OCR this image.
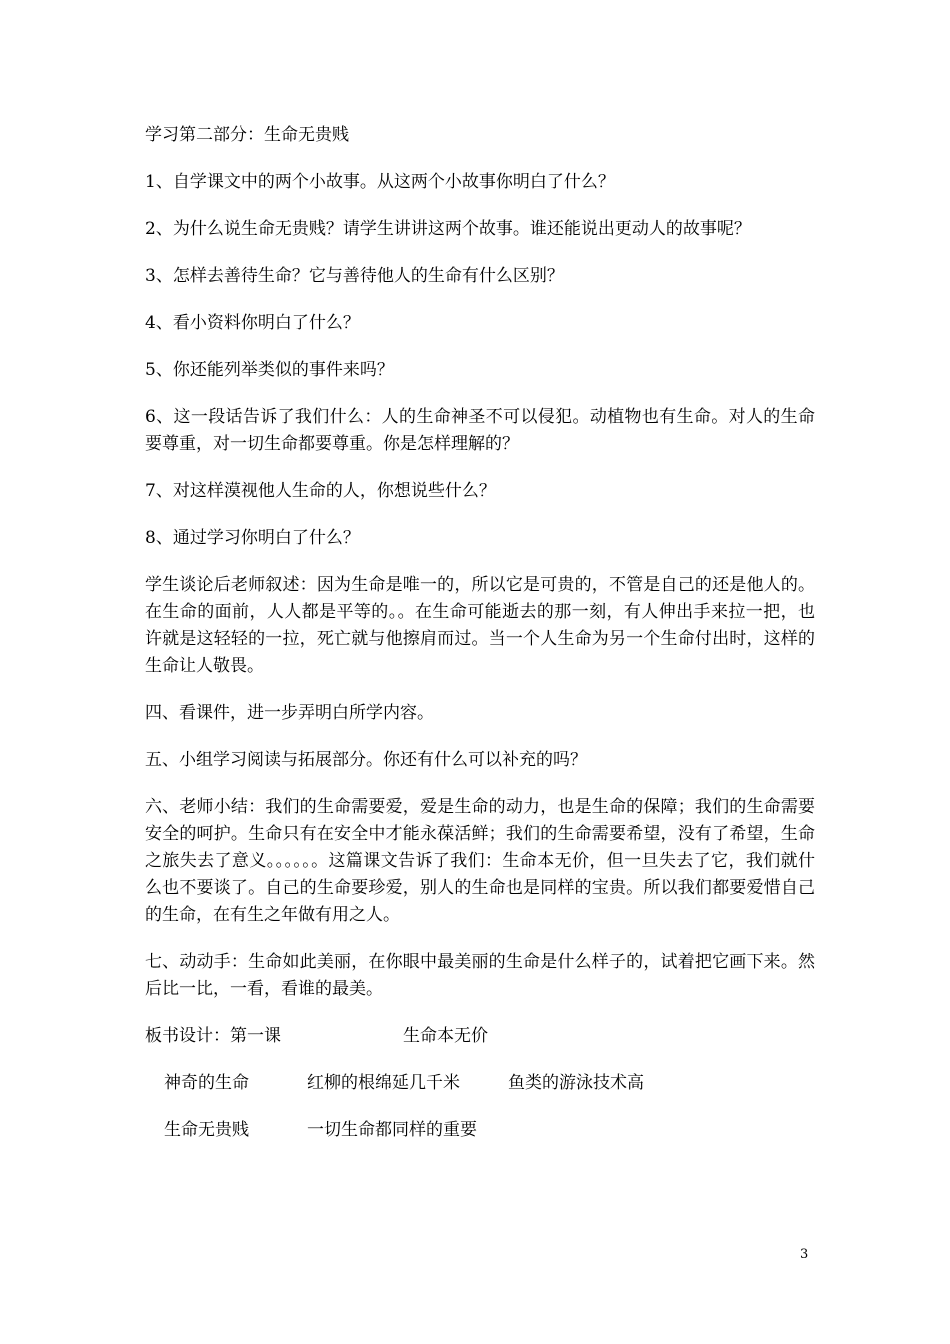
学习第二部分：生命无贵贱

1、自学课文中的两个小故事。从这两个小故事你明白了什么？

2、为什么说生命无贵贱？请学生讲讲这两个故事。谁还能说出更动人的故事呢？

3、怎样去善待生命？它与善待他人的生命有什么区别？

4、看小资料你明白了什么？

5、你还能列举类似的事件来吗？

6、这一段话告诉了我们什么：人的生命神圣不可以侵犯。动植物也有生命。对人的生命要尊重，对一切生命都要尊重。你是怎样理解的？

7、对这样漠视他人生命的人，你想说些什么？

8、通过学习你明白了什么？

学生谈论后老师叙述：因为生命是唯一的，所以它是可贵的，不管是自己的还是他人的。在生命的面前，人人都是平等的。。在生命可能逝去的那一刻，有人伸出手来拉一把，也许就是这轻轻的一拉，死亡就与他擦肩而过。当一个人生命为另一个生命付出时，这样的生命让人敬畏。

四、看课件，进一步弄明白所学内容。

五、小组学习阅读与拓展部分。你还有什么可以补充的吗？

六、老师小结：我们的生命需要爱，爱是生命的动力，也是生命的保障；我们的生命需要安全的呵护。生命只有在安全中才能永葆活鲜；我们的生命需要希望，没有了希望，生命之旅失去了意义。。。。。。这篇课文告诉了我们：生命本无价，但一旦失去了它，我们就什么也不要谈了。自己的生命要珍爱，别人的生命也是同样的宝贵。所以我们都要爱惜自己的生命，在有生之年做有用之人。

七、动动手：生命如此美丽，在你眼中最美丽的生命是什么样子的，试着把它画下来。然后比一比，一看，看谁的最美。

板书设计：第一课	生命本无价
神奇的生命	红柳的根绵延几千米	鱼类的游泳技术高
生命无贵贱	一切生命都同样的重要
3
